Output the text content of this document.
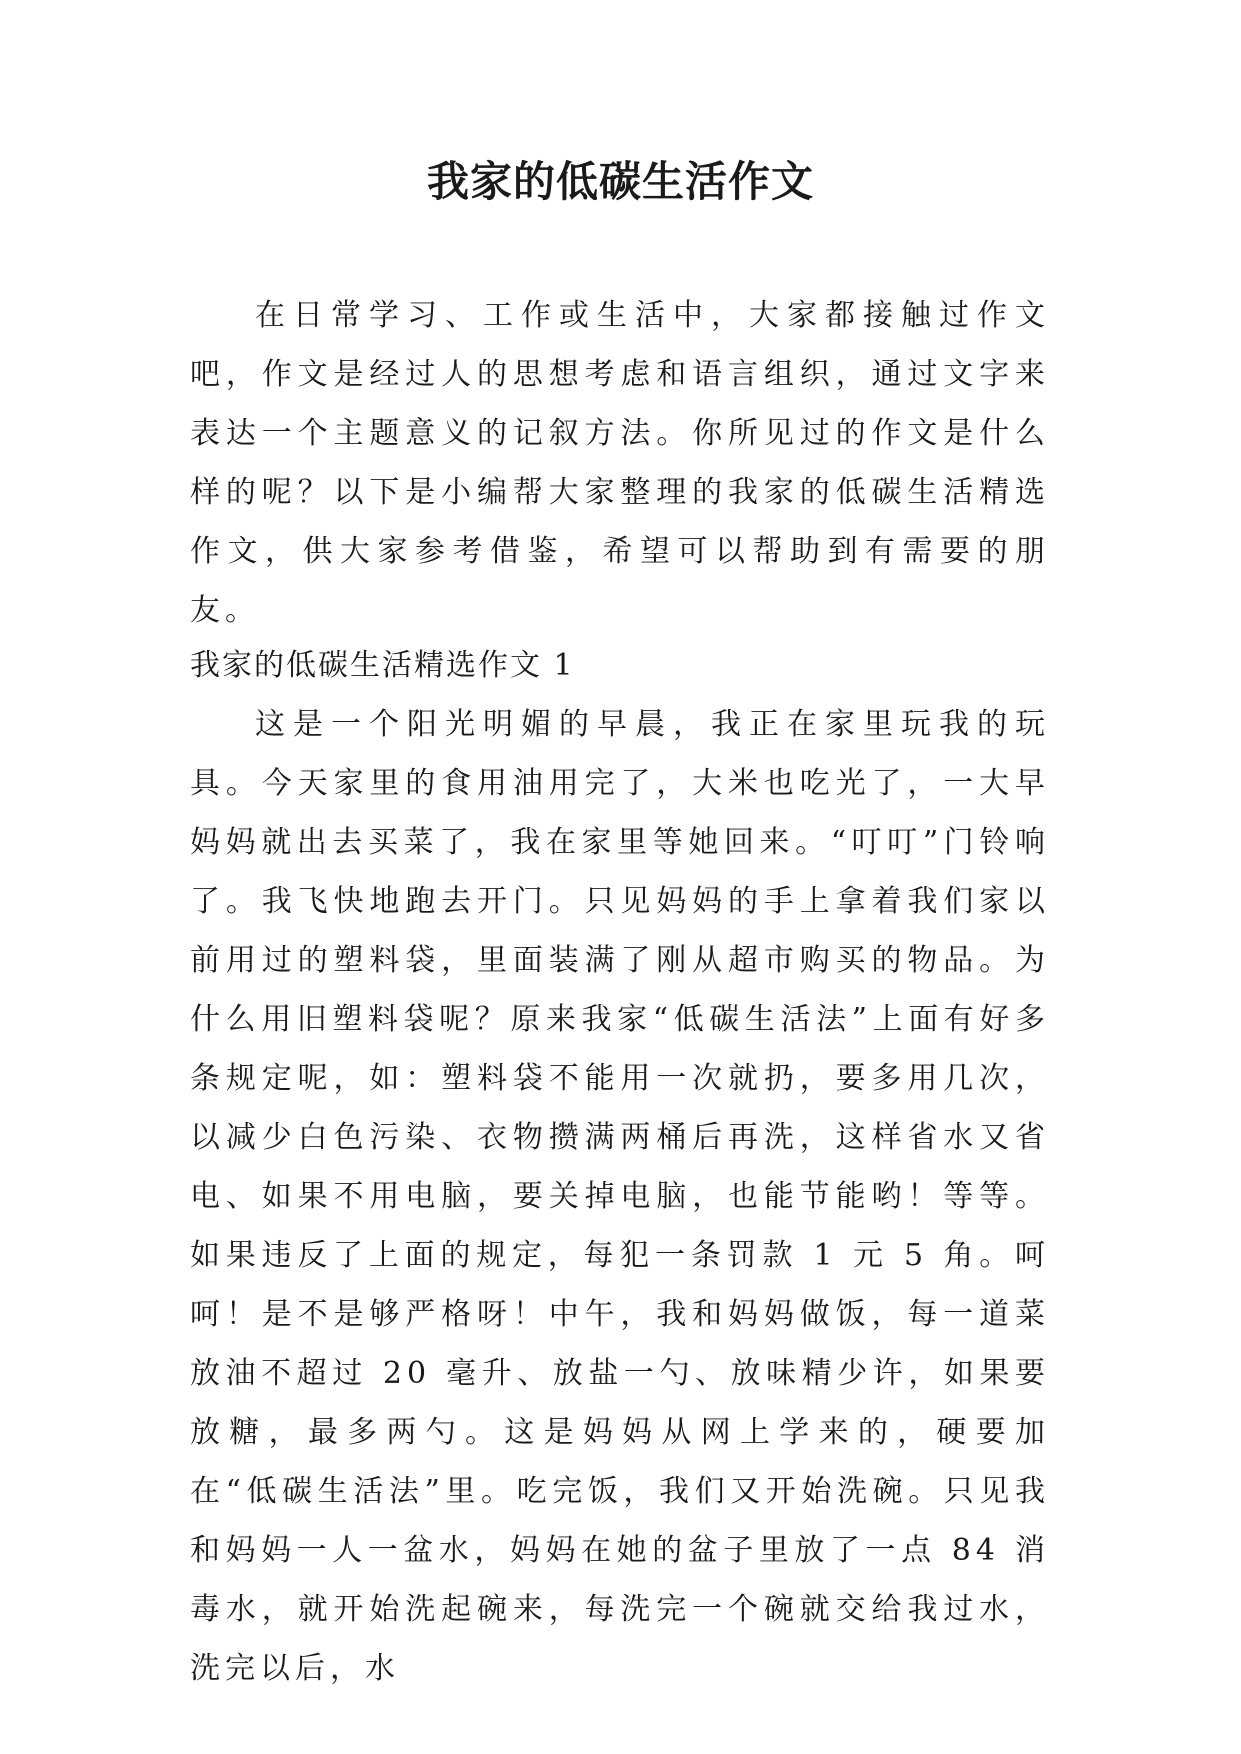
我家的低碳生活作文

在日常学习、工作或生活中，大家都接触过作文吧，作文是经过人的思想考虑和语言组织，通过文字来表达一个主题意义的记叙方法。你所见过的作文是什么样的呢？以下是小编帮大家整理的我家的低碳生活精选作文，供大家参考借鉴，希望可以帮助到有需要的朋友。

我家的低碳生活精选作文 1

这是一个阳光明媚的早晨，我正在家里玩我的玩具。今天家里的食用油用完了，大米也吃光了，一大早妈妈就出去买菜了，我在家里等她回来。“叮叮”门铃响了。我飞快地跑去开门。只见妈妈的手上拿着我们家以前用过的塑料袋，里面装满了刚从超市购买的物品。为什么用旧塑料袋呢？原来我家“低碳生活法”上面有好多条规定呢，如：塑料袋不能用一次就扔，要多用几次，以减少白色污染、衣物攒满两桶后再洗，这样省水又省电、如果不用电脑，要关掉电脑，也能节能哟！等等。如果违反了上面的规定，每犯一条罚款 1 元 5 角。呵呵！是不是够严格呀！中午，我和妈妈做饭，每一道菜放油不超过 20 毫升、放盐一勺、放味精少许，如果要放糖，最多两勺。这是妈妈从网上学来的，硬要加在“低碳生活法”里。吃完饭，我们又开始洗碗。只见我和妈妈一人一盆水，妈妈在她的盆子里放了一点 84 消毒水，就开始洗起碗来，每洗完一个碗就交给我过水，洗完以后，水
